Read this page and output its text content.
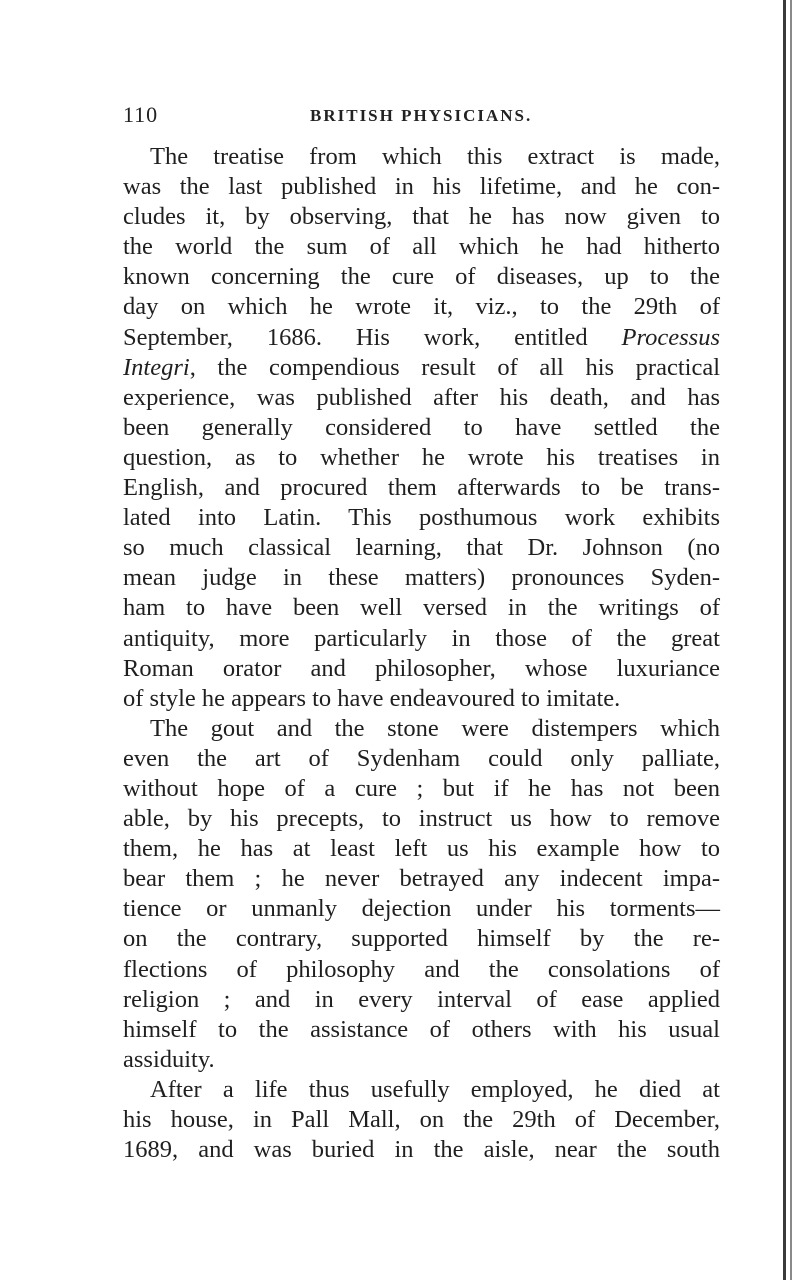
110	BRITISH PHYSICIANS.
The treatise from which this extract is made,
was the last published in his lifetime, and he con-
cludes it, by observing, that he has now given to
the world the sum of all which he had hitherto
known concerning the cure of diseases, up to the
day on which he wrote it, viz., to the 29th of
September, 1686. His work, entitled Processus
Integri, the compendious result of all his practical
experience, was published after his death, and has
been generally considered to have settled the
question, as to whether he wrote his treatises in
English, and procured them afterwards to be trans-
lated into Latin. This posthumous work exhibits
so much classical learning, that Dr. Johnson (no
mean judge in these matters) pronounces Syden-
ham to have been well versed in the writings of
antiquity, more particularly in those of the great
Roman orator and philosopher, whose luxuriance
of style he appears to have endeavoured to imitate.
The gout and the stone were distempers which
even the art of Sydenham could only palliate,
without hope of a cure ; but if he has not been
able, by his precepts, to instruct us how to remove
them, he has at least left us his example how to
bear them ; he never betrayed any indecent impa-
tience or unmanly dejection under his torments—
on the contrary, supported himself by the re-
flections of philosophy and the consolations of
religion ; and in every interval of ease applied
himself to the assistance of others with his usual
assiduity.
After a life thus usefully employed, he died at
his house, in Pall Mall, on the 29th of December,
1689, and was buried in the aisle, near the south
